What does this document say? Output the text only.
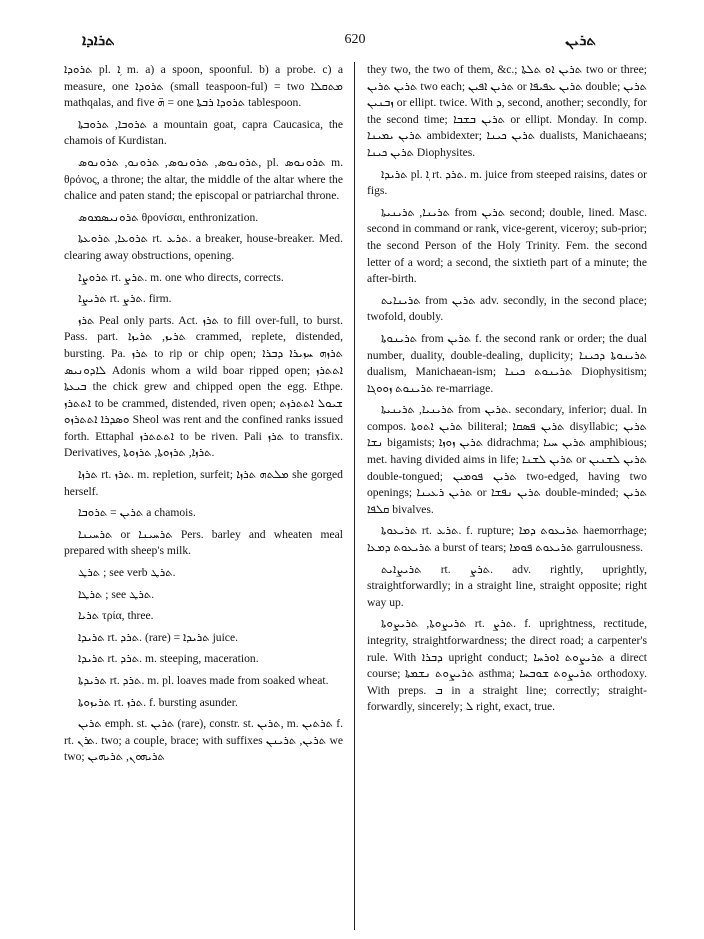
ܬܪܐܕܐ	620	ܬܪܝܢ

ܬܪܘܕܐ pl. ܼܐ m. a) a spoon, spoonful. b) a probe. c) a measure, one ܬܪܘܕܐ (small teaspoon-ful) = two ܡܬܩܠܐ mathqalas, and five ܗ̈ = one ܬܪܘܕܐ ܪܒܬܐ tablespoon.

ܬܪܘܒܐ, ܬܪܘܒܬܐ a mountain goat, capra Caucasica, the chamois of Kurdistan.

ܬܪܘܢܘܣ, ܬܪܘܢܘܣ, ܬܪܘܢܘ, ܬܪܘܢܘܣ, pl. ܬܪܘܢܘܣ m. θρόνος, a throne; the altar, the middle of the altar where the chalice and paten stand; the episcopal or patriarchal throne.

ܬܪܘܢܝܣܡܘܣ θρονίσαι, enthronization.

ܬܪܘܥܐ, ܬܪܘܥܬܐ rt. ܬܪܥ. a breaker, house-breaker. Med. clearing away obstructions, opening.

ܬܪܘܨܐ rt. ܬܪܨ. m. one who directs, corrects.

ܬܪܝܨܐ rt. ܬܪܨ. firm.

ܬܪܙ Peal only parts. Act. ܬܪܙ to fill over-full, to burst. Pass. part. ܬܪܝܙ, ܬܪܝܙܐ crammed, replete, distended, bursting. Pa. ܬܪܙ to rip or chip open; ܬܪܙܗ ܚܙܝܪܐ ܕܒܪܐ ܠܐܕܘܢܝܣ Adonis whom a wild boar ripped open; ܐܬܬܪܙ ܒܝܥܬܐ the chick grew and chipped open the egg. Ethpe. ܐܬܬܪܙ to be crammed, distended, riven open; ܫܝܘܠ ܐܬܬܪܙܬ ܘܣܕܪܐ ܐܬܬܪܙܘ Sheol was rent and the confined ranks issued forth. Ettaphal ܐܬܬܬܪܙ to be riven. Pali ܬܪܙ to transfix. Derivatives, ܬܪܙܐ, ܬܪܙܘܬܐ, ܬܪܙܘܬܐ.

ܬܪܙܐ rt. ܬܪܙ. m. repletion, surfeit; ܡܠܬܗ ܬܪܙܐ she gorged herself.

ܬܪܝܢ = ܬܪܘܒܐ a chamois.

ܬܪܚܝܢܐ or ܬܪܚܝܢܐ Pers. barley and wheaten meal prepared with sheep's milk.

ܬܪܛ ; see verb ܬܪܛ.

ܬܪܛܐ ; see ܬܪܛ.

ܬܪܝܐ τρία, three.

ܬܪܝܕܐ rt. ܬܪܕ. (rare) = ܬܪܝܕܐ juice.

ܬܪܝܕܐ rt. ܬܪܕ. m. steeping, maceration.

ܬܪܝܕܬܐ rt. ܬܪܕ. m. pl. loaves made from soaked wheat.

ܬܪܝܙܘܬܐ rt. ܬܪܙ. f. bursting asunder.

ܬܪܝܢ emph. st. ܬܪܝܢ (rare), constr. st. ܬܪܝܢ, m. ܬܪܬܝܢ f. rt. ܬܪܢ. two; a couple, brace; with suffixes ܬܪܝܢ, ܬܪܝܢܢ we two; ܬܪܝܗܘܢ, ܬܪܝܗܝܢ

they two, the two of them, &c.; ܬܪܝܢ ܐܘ ܬܠܬܐ two or three; ܬܪܝܢ ܬܪܝܢ two each; ܬܪܝܢ ܐܦܝܢ or ܬܪܝܢ ܥܦܝܦܐ double; ܬܪܝܢ ܙܒܢܝܢ or ellipt. twice. With ܕ, second, another; secondly, for the second time; ܬܪܝܢ ܒܫܒܐ or ellipt. Monday. In comp. ܬܪܝܢ ܝܡܝܢܐ ambidexter; ܬܪܝܢ ܟܝܢܐ dualists, Manichaeans; ܬܪܝܢ ܟܝܢܐ Diophysites.

ܬܪܝܕܐ pl. ܼܐ rt. ܬܪܕ. m. juice from steeped raisins, dates or figs.

ܬܪܝܢܐ, ܬܪܝܢܝܬܐ from ܬܪܝܢ second; double, lined. Masc. second in command or rank, vice-gerent, viceroy; sub-prior; the second Person of the Holy Trinity. Fem. the second letter of a word; a second, the sixtieth part of a minute; the after-birth.

ܬܪܝܢܐܝܬ from ܬܪܝܢ adv. secondly, in the second place; twofold, doubly.

ܬܪܝܢܘܬܐ from ܬܪܝܢ f. the second rank or order; the dual number, duality, double-dealing, duplicity; ܬܪܝܢܘܬܐ ܕܟܝܢܐ dualism, Manichaean-ism; ܬܪܝܢܘܬ ܟܝܢܐ Diophysitism; ܬܪܝܢܘܬ ܙܘܘܓܐ re-marriage.

ܬܪܝܢܝܐ, ܬܪܝܢܝܬܐ from ܬܪܝܢ. secondary, inferior; dual. In compos. ܬܪܝܢ ܐܬܘܬܐ biliteral; ܬܪܝܢ ܦܣܩܐ disyllabic; ܬܪܝܢ ܢܫܐ bigamists; ܬܪܝܢ ܙܘܙܐ didrachma; ܬܪܝܢ ܚܝܐ amphibious; met. having divided aims in life; ܬܪܝܢ ܠܫܢܐ or ܬܪܝܢ ܠܫܢܝܢ double-tongued; ܬܪܝܢ ܦܘܡܝܢ two-edged, having two openings; ܬܪܝܢ ܪܥܝܢܐ or ܬܪܝܢ ܢܦܫܐ double-minded; ܬܪܝܢ ܩܠܦܐ bivalves.

ܬܪܝܥܘܬܐ rt. ܬܪܥ. f. rupture; ܬܪܝܥܘܬ ܕܡܐ haemorrhage; ܬܪܝܥܘܬ ܕܡܥܐ a burst of tears; ܬܪܝܥܘܬ ܦܘܡܐ garrulousness.

ܬܪܝܨܐܝܬ rt. ܬܪܨ. adv. rightly, uprightly, straightforwardly; in a straight line, straight opposite; right way up.

ܬܪܝܨܘܬܐ, ܬܪܝܨܘܬܐ rt. ܬܪܨ. f. uprightness, rectitude, integrity, straightforwardness; the direct road; a carpenter's rule. With ܕܒܪܐ upright conduct; ܬܪܝܨܘܬ ܐܘܪܚܐ a direct course; ܬܪܝܨܘܬ ܢܫܡܬܐ asthma; ܬܪܝܨܘܬ ܫܘܒܚܐ orthodoxy. With preps. ܒ in a straight line; correctly; straight-forwardly, sincerely; ܠ right, exact, true.
